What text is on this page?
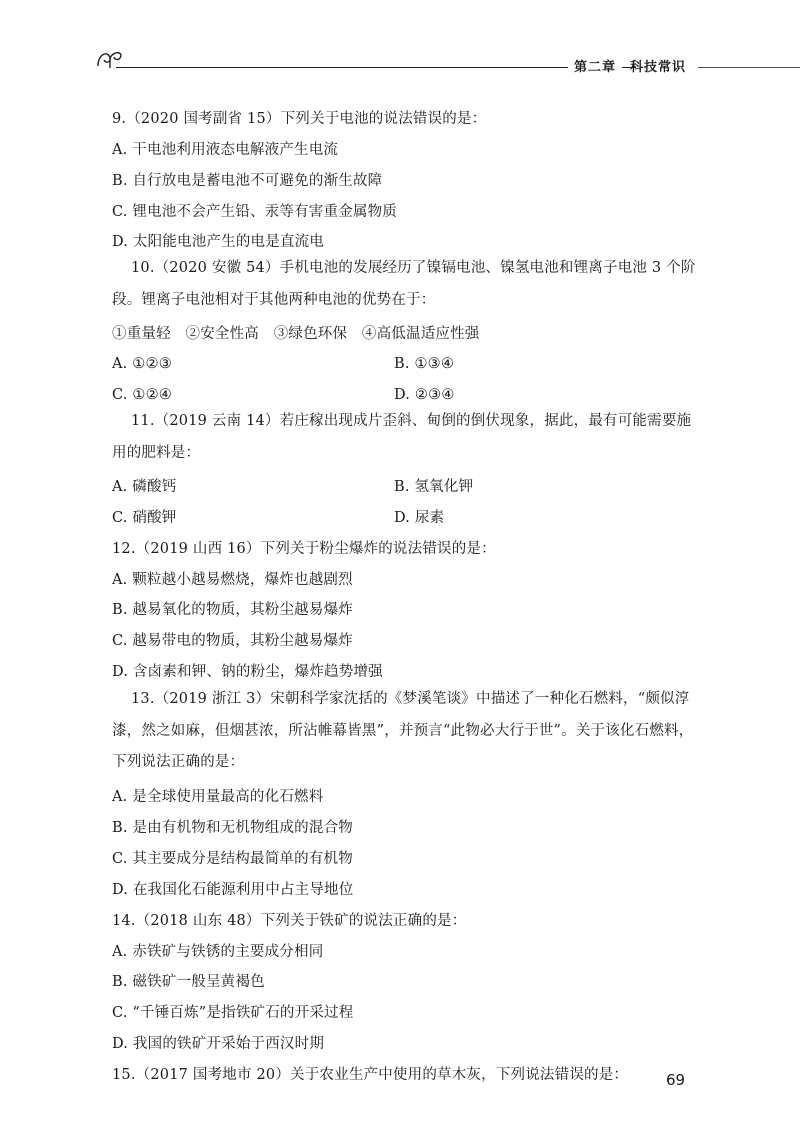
第二章	科技常识
9.（2020 国考副省 15）下列关于电池的说法错误的是：
A. 干电池利用液态电解液产生电流
B. 自行放电是蓄电池不可避免的渐生故障
C. 锂电池不会产生铅、汞等有害重金属物质
D. 太阳能电池产生的电是直流电
10.（2020 安徽 54）手机电池的发展经历了镍镉电池、镍氢电池和锂离子电池 3 个阶段。锂离子电池相对于其他两种电池的优势在于：
①重量轻　②安全性高　③绿色环保　④高低温适应性强
A. ①②③	B. ①③④
C. ①②④	D. ②③④
11.（2019 云南 14）若庄稼出现成片歪斜、甸倒的倒伏现象，据此，最有可能需要施用的肥料是：
A. 磷酸钙	B. 氢氧化钾
C. 硝酸钾	D. 尿素
12.（2019 山西 16）下列关于粉尘爆炸的说法错误的是：
A. 颗粒越小越易燃烧，爆炸也越剧烈
B. 越易氧化的物质，其粉尘越易爆炸
C. 越易带电的物质，其粉尘越易爆炸
D. 含卤素和钾、钠的粉尘，爆炸趋势增强
13.（2019 浙江 3）宋朝科学家沈括的《梦溪笔谈》中描述了一种化石燃料，“颇似淳漆，然之如麻，但烟甚浓，所沾帷幕皆黑”，并预言“此物必大行于世”。关于该化石燃料，下列说法正确的是：
A. 是全球使用量最高的化石燃料
B. 是由有机物和无机物组成的混合物
C. 其主要成分是结构最简单的有机物
D. 在我国化石能源利用中占主导地位
14.（2018 山东 48）下列关于铁矿的说法正确的是：
A. 赤铁矿与铁锈的主要成分相同
B. 磁铁矿一般呈黄褐色
C. “千锤百炼”是指铁矿石的开采过程
D. 我国的铁矿开采始于西汉时期
15.（2017 国考地市 20）关于农业生产中使用的草木灰，下列说法错误的是：	69
